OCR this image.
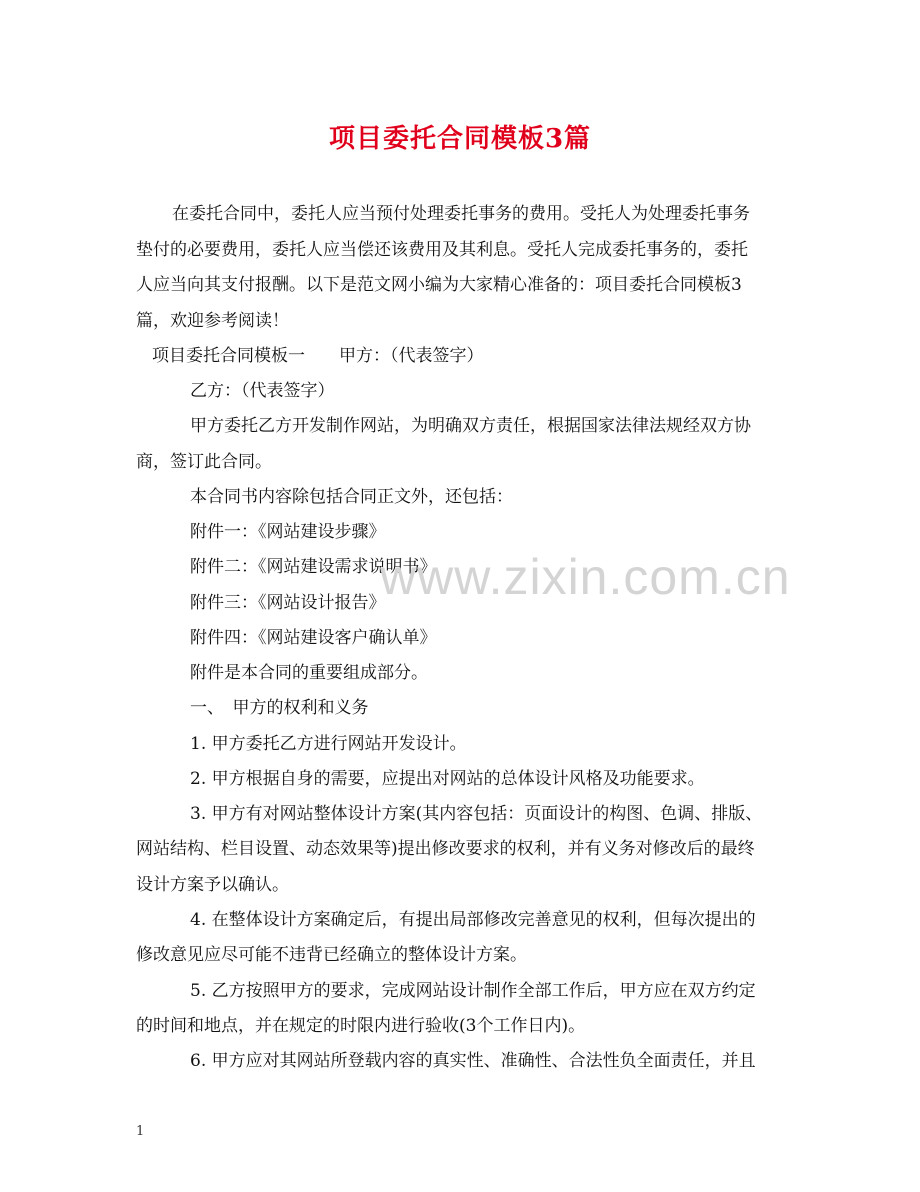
项目委托合同模板3篇
在委托合同中，委托人应当预付处理委托事务的费用。受托人为处理委托事务
垫付的必要费用，委托人应当偿还该费用及其利息。受托人完成委托事务的，委托
人应当向其支付报酬。以下是范文网小编为大家精心准备的：项目委托合同模板3
篇，欢迎参考阅读！
项目委托合同模板一　　甲方：（代表签字）
乙方：（代表签字）
甲方委托乙方开发制作网站，为明确双方责任，根据国家法律法规经双方协
商，签订此合同。
本合同书内容除包括合同正文外，还包括：
附件一：《网站建设步骤》
附件二：《网站建设需求说明书》
附件三：《网站设计报告》
附件四：《网站建设客户确认单》
附件是本合同的重要组成部分。
一、　甲方的权利和义务
1. 甲方委托乙方进行网站开发设计。
2. 甲方根据自身的需要，应提出对网站的总体设计风格及功能要求。
3. 甲方有对网站整体设计方案(其内容包括：页面设计的构图、色调、排版、
网站结构、栏目设置、动态效果等)提出修改要求的权利，并有义务对修改后的最终
设计方案予以确认。
4. 在整体设计方案确定后，有提出局部修改完善意见的权利，但每次提出的
修改意见应尽可能不违背已经确立的整体设计方案。
5. 乙方按照甲方的要求，完成网站设计制作全部工作后，甲方应在双方约定
的时间和地点，并在规定的时限内进行验收(3个工作日内)。
6. 甲方应对其网站所登载内容的真实性、准确性、合法性负全面责任，并且
www.zixin.com.cn
1
